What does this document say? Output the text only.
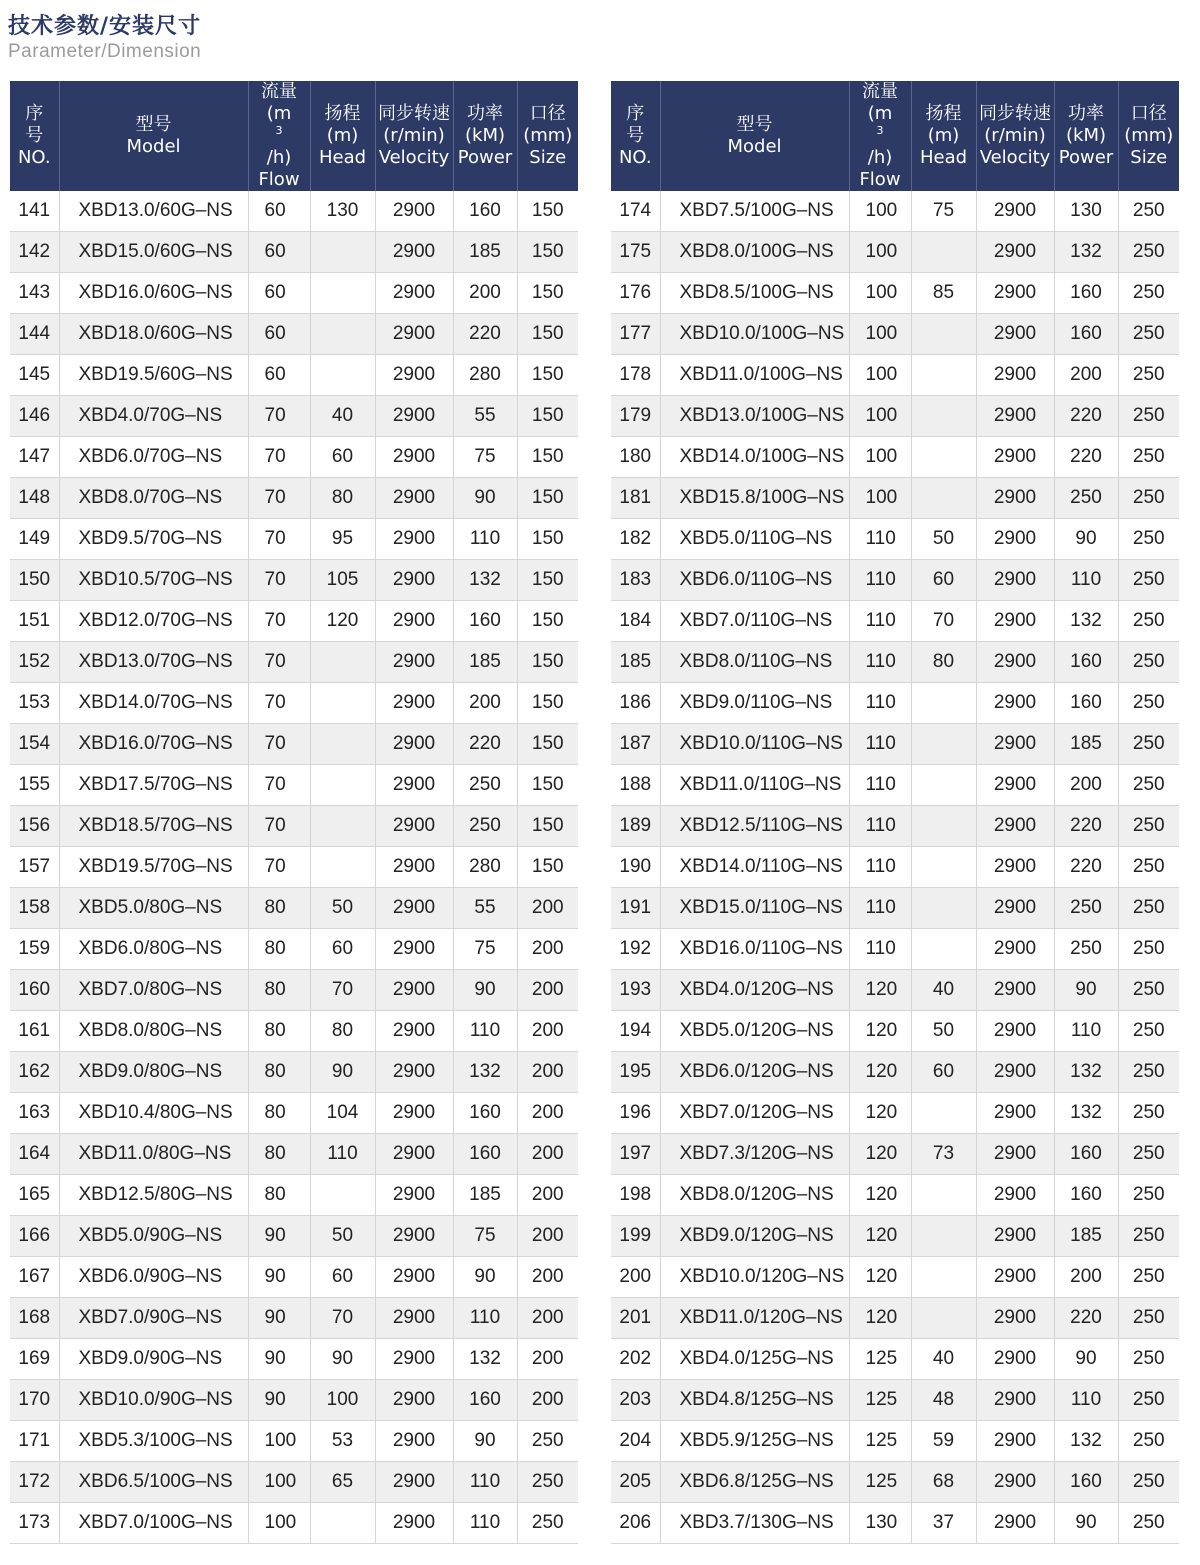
技术参数/安装尺寸
Parameter/Dimension
序
号
NO.	型号
Model	流量
(m
$^3$
/h)
Flow	扬程
(m)
Head	同步转速
(r/min)
Velocity	功率
(kM)
Power	口径
(mm)
Size

141	XBD13.0/60G–NS	60	130	2900	160	150
142	XBD15.0/60G–NS	60		2900	185	150
143	XBD16.0/60G–NS	60		2900	200	150
144	XBD18.0/60G–NS	60		2900	220	150
145	XBD19.5/60G–NS	60		2900	280	150
146	XBD4.0/70G–NS	70	40	2900	55	150
147	XBD6.0/70G–NS	70	60	2900	75	150
148	XBD8.0/70G–NS	70	80	2900	90	150
149	XBD9.5/70G–NS	70	95	2900	110	150
150	XBD10.5/70G–NS	70	105	2900	132	150
151	XBD12.0/70G–NS	70	120	2900	160	150
152	XBD13.0/70G–NS	70		2900	185	150
153	XBD14.0/70G–NS	70		2900	200	150
154	XBD16.0/70G–NS	70		2900	220	150
155	XBD17.5/70G–NS	70		2900	250	150
156	XBD18.5/70G–NS	70		2900	250	150
157	XBD19.5/70G–NS	70		2900	280	150
158	XBD5.0/80G–NS	80	50	2900	55	200
159	XBD6.0/80G–NS	80	60	2900	75	200
160	XBD7.0/80G–NS	80	70	2900	90	200
161	XBD8.0/80G–NS	80	80	2900	110	200
162	XBD9.0/80G–NS	80	90	2900	132	200
163	XBD10.4/80G–NS	80	104	2900	160	200
164	XBD11.0/80G–NS	80	110	2900	160	200
165	XBD12.5/80G–NS	80		2900	185	200
166	XBD5.0/90G–NS	90	50	2900	75	200
167	XBD6.0/90G–NS	90	60	2900	90	200
168	XBD7.0/90G–NS	90	70	2900	110	200
169	XBD9.0/90G–NS	90	90	2900	132	200
170	XBD10.0/90G–NS	90	100	2900	160	200
171	XBD5.3/100G–NS	100	53	2900	90	250
172	XBD6.5/100G–NS	100	65	2900	110	250
173	XBD7.0/100G–NS	100		2900	110	250
序
号
NO.	型号
Model	流量
(m
$^3$
/h)
Flow	扬程
(m)
Head	同步转速
(r/min)
Velocity	功率
(kM)
Power	口径
(mm)
Size

174	XBD7.5/100G–NS	100	75	2900	130	250
175	XBD8.0/100G–NS	100		2900	132	250
176	XBD8.5/100G–NS	100	85	2900	160	250
177	XBD10.0/100G–NS	100		2900	160	250
178	XBD11.0/100G–NS	100		2900	200	250
179	XBD13.0/100G–NS	100		2900	220	250
180	XBD14.0/100G–NS	100		2900	220	250
181	XBD15.8/100G–NS	100		2900	250	250
182	XBD5.0/110G–NS	110	50	2900	90	250
183	XBD6.0/110G–NS	110	60	2900	110	250
184	XBD7.0/110G–NS	110	70	2900	132	250
185	XBD8.0/110G–NS	110	80	2900	160	250
186	XBD9.0/110G–NS	110		2900	160	250
187	XBD10.0/110G–NS	110		2900	185	250
188	XBD11.0/110G–NS	110		2900	200	250
189	XBD12.5/110G–NS	110		2900	220	250
190	XBD14.0/110G–NS	110		2900	220	250
191	XBD15.0/110G–NS	110		2900	250	250
192	XBD16.0/110G–NS	110		2900	250	250
193	XBD4.0/120G–NS	120	40	2900	90	250
194	XBD5.0/120G–NS	120	50	2900	110	250
195	XBD6.0/120G–NS	120	60	2900	132	250
196	XBD7.0/120G–NS	120		2900	132	250
197	XBD7.3/120G–NS	120	73	2900	160	250
198	XBD8.0/120G–NS	120		2900	160	250
199	XBD9.0/120G–NS	120		2900	185	250
200	XBD10.0/120G–NS	120		2900	200	250
201	XBD11.0/120G–NS	120		2900	220	250
202	XBD4.0/125G–NS	125	40	2900	90	250
203	XBD4.8/125G–NS	125	48	2900	110	250
204	XBD5.9/125G–NS	125	59	2900	132	250
205	XBD6.8/125G–NS	125	68	2900	160	250
206	XBD3.7/130G–NS	130	37	2900	90	250
